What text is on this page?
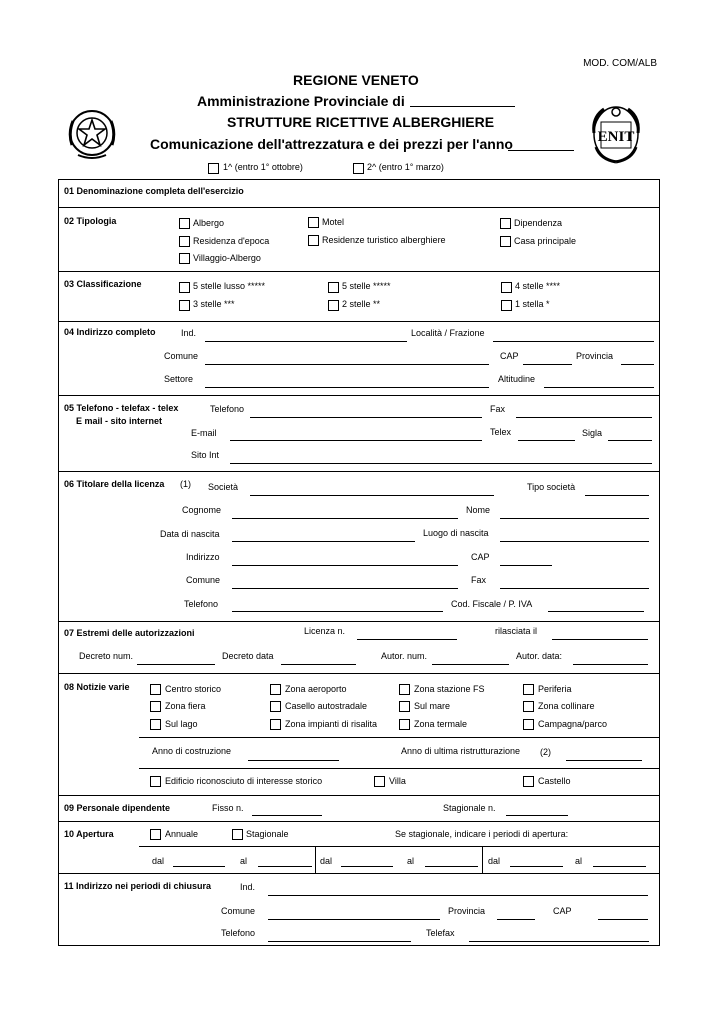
MOD. COM/ALB
REGIONE VENETO
Amministrazione Provinciale di
STRUTTURE RICETTIVE ALBERGHIERE
Comunicazione dell'attrezzatura e dei prezzi per l'anno	ENIT
1^ (entro 1° ottobre)	2^ (entro 1° marzo)
01 Denominazione completa dell'esercizio
02 Tipologia	Albergo	Motel	Dipendenza
Residenza d'epoca	Residenze turistico alberghiere	Casa principale
Villaggio-Albergo
03 Classificazione	5 stelle lusso *****	5 stelle *****	4 stelle ****
3 stelle ***	2 stelle **	1 stella *
04 Indirizzo completo	Ind.	Località / Frazione
Comune	CAP	Provincia
Settore	Altitudine
05 Telefono - telefax - telex
E mail - sito internet
Telefono	Fax
E-mail	Telex	Sigla
Sito Int
06 Titolare della licenza (1) Società	Tipo società
Cognome	Nome
Data di nascita	Luogo di nascita
Indirizzo	CAP
Comune	Fax
Telefono	Cod. Fiscale / P. IVA
07 Estremi delle autorizzazioni	Licenza n.	rilasciata il
Decreto num.	Decreto data	Autor. num.	Autor. data:
08 Notizie varie	Centro storico	Zona aeroporto	Zona stazione FS	Periferia
Zona fiera	Casello autostradale	Sul mare	Zona collinare
Sul lago	Zona impianti di risalita	Zona termale	Campagna/parco
Anno di costruzione	Anno di ultima ristrutturazione (2)
Edificio riconosciuto di interesse storico	Villa	Castello
09 Personale dipendente	Fisso n.	Stagionale n.
10 Apertura	Annuale	Stagionale	Se stagionale, indicare i periodi di apertura:
dal	al	dal	al	dal	al
11 Indirizzo nei periodi di chiusura	Ind.
Comune	Provincia	CAP
Telefono	Telefax
